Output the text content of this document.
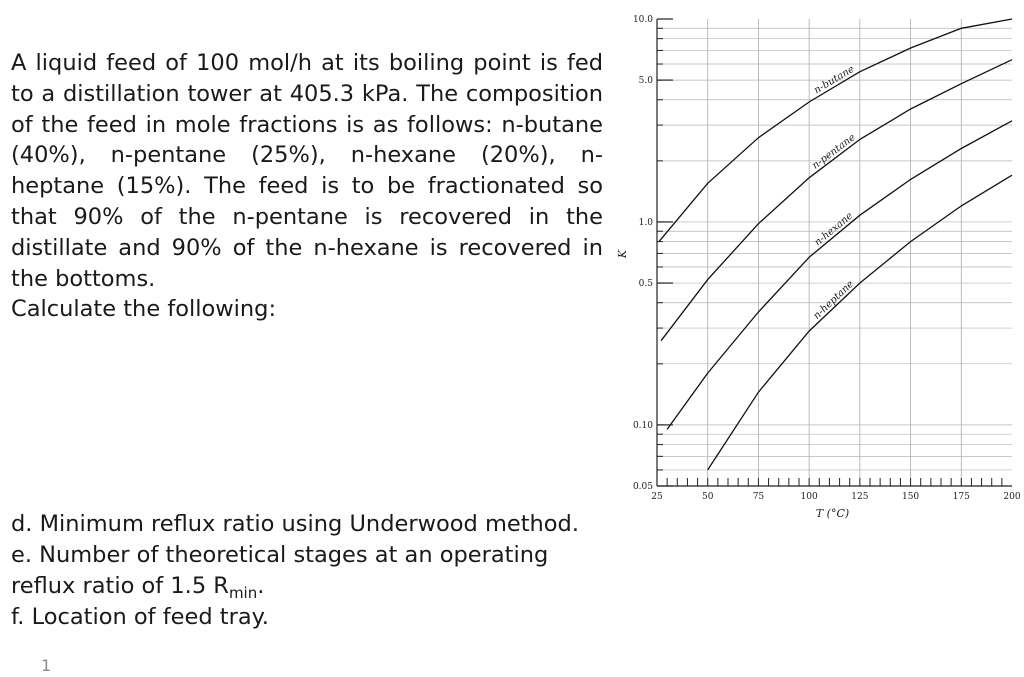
A liquid feed of 100 mol/h at its boiling point is fed to a distillation tower at 405.3 kPa. The composition of the feed in mole fractions is as follows: n-butane (40%), n-pentane (25%), n-hexane (20%), n-heptane (15%). The feed is to be fractionated so that 90% of the n-pentane is recovered in the distillate and 90% of the n-hexane is recovered in the bottoms.

Calculate the following:

0.05
0.10
0.5
1.0
5.0
10.0
25	50	75	100	125	150	175	200
T (°C)
K
n-butane
n-pentane
n-hexane
n-heptane

d. Minimum reflux ratio using Underwood method.

e. Number of theoretical stages at an operating reflux ratio of 1.5 $R_{min}$.

f. Location of feed tray.

1
